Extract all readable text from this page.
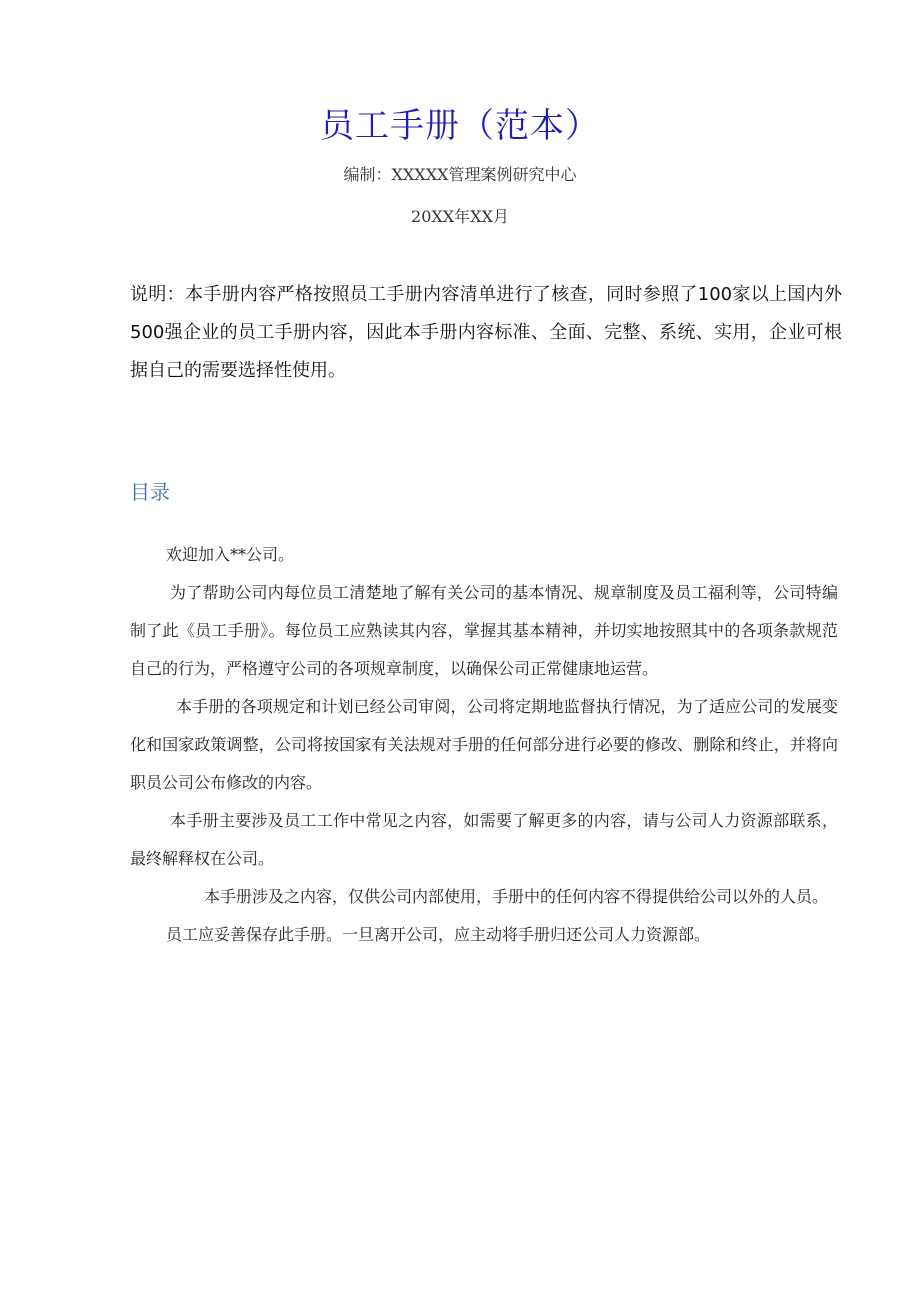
员工手册（范本）
编制：XXXXX管理案例研究中心
20XX年XX月
说明：本手册内容严格按照员工手册内容清单进行了核查，同时参照了100家以上国内外500强企业的员工手册内容，因此本手册内容标准、全面、完整、系统、实用，企业可根据自己的需要选择性使用。
目录

欢迎加入**公司。

为了帮助公司内每位员工清楚地了解有关公司的基本情况、规章制度及员工福利等，公司特编制了此《员工手册》。每位员工应熟读其内容，掌握其基本精神，并切实地按照其中的各项条款规范自己的行为，严格遵守公司的各项规章制度，以确保公司正常健康地运营。

本手册的各项规定和计划已经公司审阅，公司将定期地监督执行情况，为了适应公司的发展变化和国家政策调整，公司将按国家有关法规对手册的任何部分进行必要的修改、删除和终止，并将向职员公司公布修改的内容。

本手册主要涉及员工工作中常见之内容，如需要了解更多的内容，请与公司人力资源部联系，最终解释权在公司。

本手册涉及之内容，仅供公司内部使用，手册中的任何内容不得提供给公司以外的人员。

员工应妥善保存此手册。一旦离开公司，应主动将手册归还公司人力资源部。
